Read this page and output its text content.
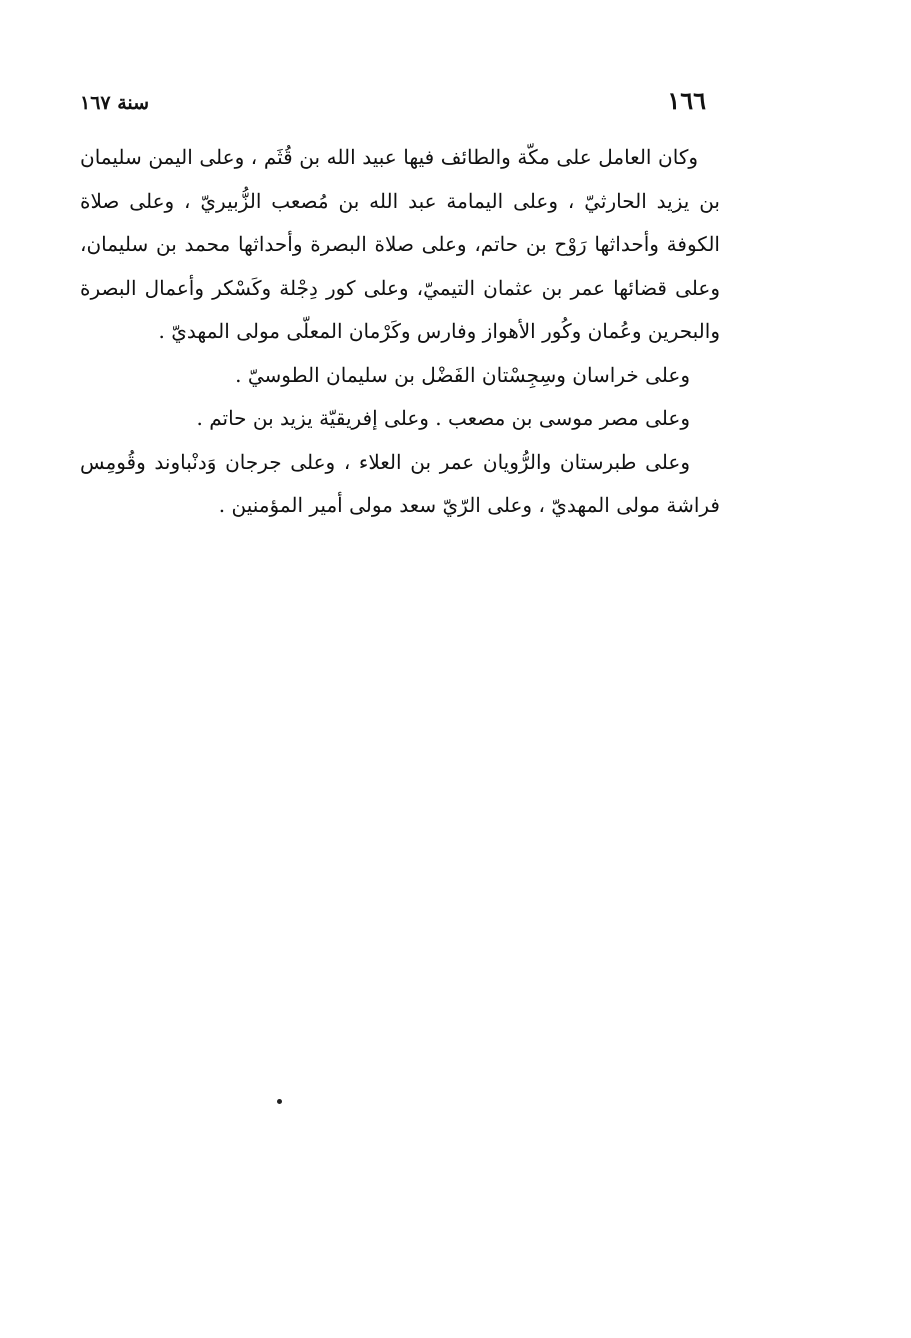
١٦٦
سنة ١٦٧

وكان العامل على مكّة والطائف فيها عبيد الله بن قُثَم ، وعلى اليمن سليمان بن يزيد الحارثيّ ، وعلى اليمامة عبد الله بن مُصعب الزُّبيريّ ، وعلى صلاة الكوفة وأحداثها رَوْح بن حاتم، وعلى صلاة البصرة وأحداثها محمد بن سليمان، وعلى قضائها عمر بن عثمان التيميّ، وعلى كور دِجْلة وكَسْكر وأعمال البصرة والبحرين وعُمان وكُور الأهواز وفارس وكَرْمان المعلّى مولى المهديّ .

وعلى خراسان وسِجِسْتان الفَضْل بن سليمان الطوسيّ .

وعلى مصر موسى بن مصعب . وعلى إفريقيّة يزيد بن حاتم .

وعلى طبرستان والرُّويان عمر بن العلاء ، وعلى جرجان وَدنْباوند وقُومِس فراشة مولى المهديّ ، وعلى الرّيّ سعد مولى أمير المؤمنين .
